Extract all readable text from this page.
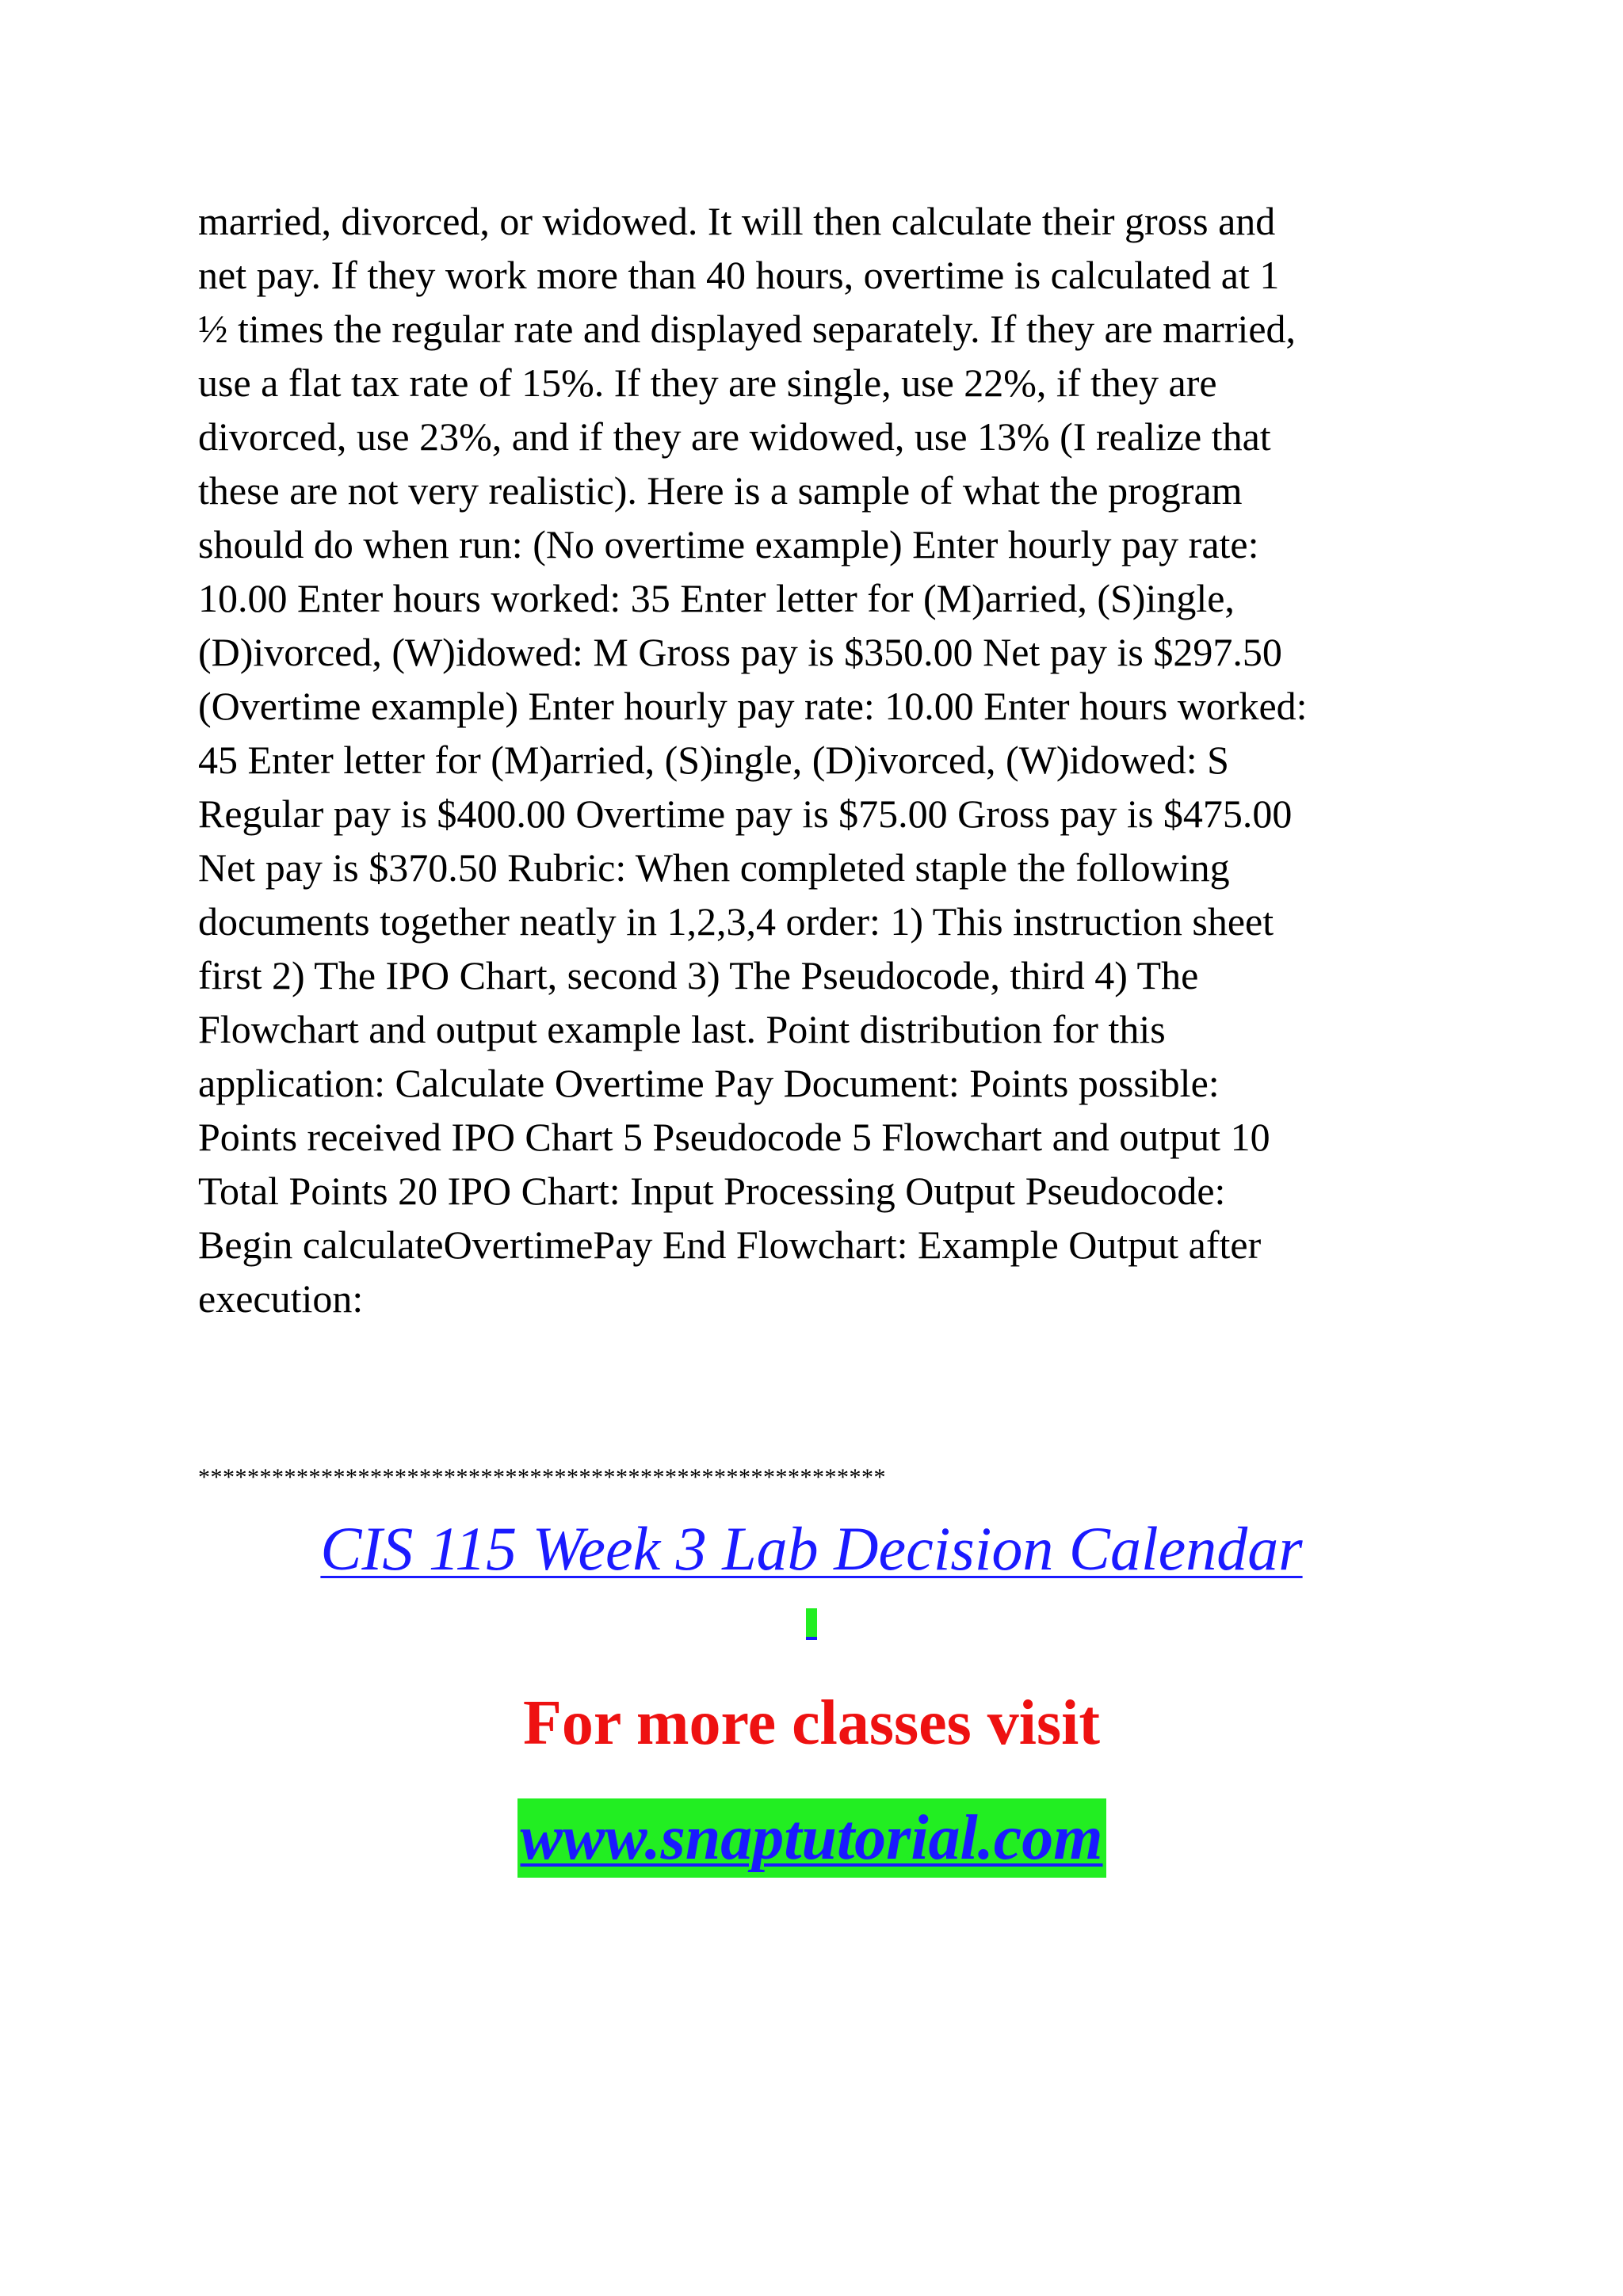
married, divorced, or widowed. It will then calculate their gross and
net pay. If they work more than 40 hours, overtime is calculated at 1
½ times the regular rate and displayed separately. If they are married,
use a flat tax rate of 15%. If they are single, use 22%, if they are
divorced, use 23%, and if they are widowed, use 13% (I realize that
these are not very realistic). Here is a sample of what the program
should do when run: (No overtime example) Enter hourly pay rate:
10.00 Enter hours worked: 35 Enter letter for (M)arried, (S)ingle,
(D)ivorced, (W)idowed: M Gross pay is $350.00 Net pay is $297.50
(Overtime example) Enter hourly pay rate: 10.00 Enter hours worked:
45 Enter letter for (M)arried, (S)ingle, (D)ivorced, (W)idowed: S
Regular pay is $400.00 Overtime pay is $75.00 Gross pay is $475.00
Net pay is $370.50 Rubric: When completed staple the following
documents together neatly in 1,2,3,4 order: 1) This instruction sheet
first 2) The IPO Chart, second 3) The Pseudocode, third 4) The
Flowchart and output example last. Point distribution for this
application: Calculate Overtime Pay Document: Points possible:
Points received IPO Chart 5 Pseudocode 5 Flowchart and output 10
Total Points 20 IPO Chart: Input Processing Output Pseudocode:
Begin calculateOvertimePay End Flowchart: Example Output after
execution:
********************************************************
CIS 115 Week 3 Lab Decision Calendar
For more classes visit
www.snaptutorial.com
